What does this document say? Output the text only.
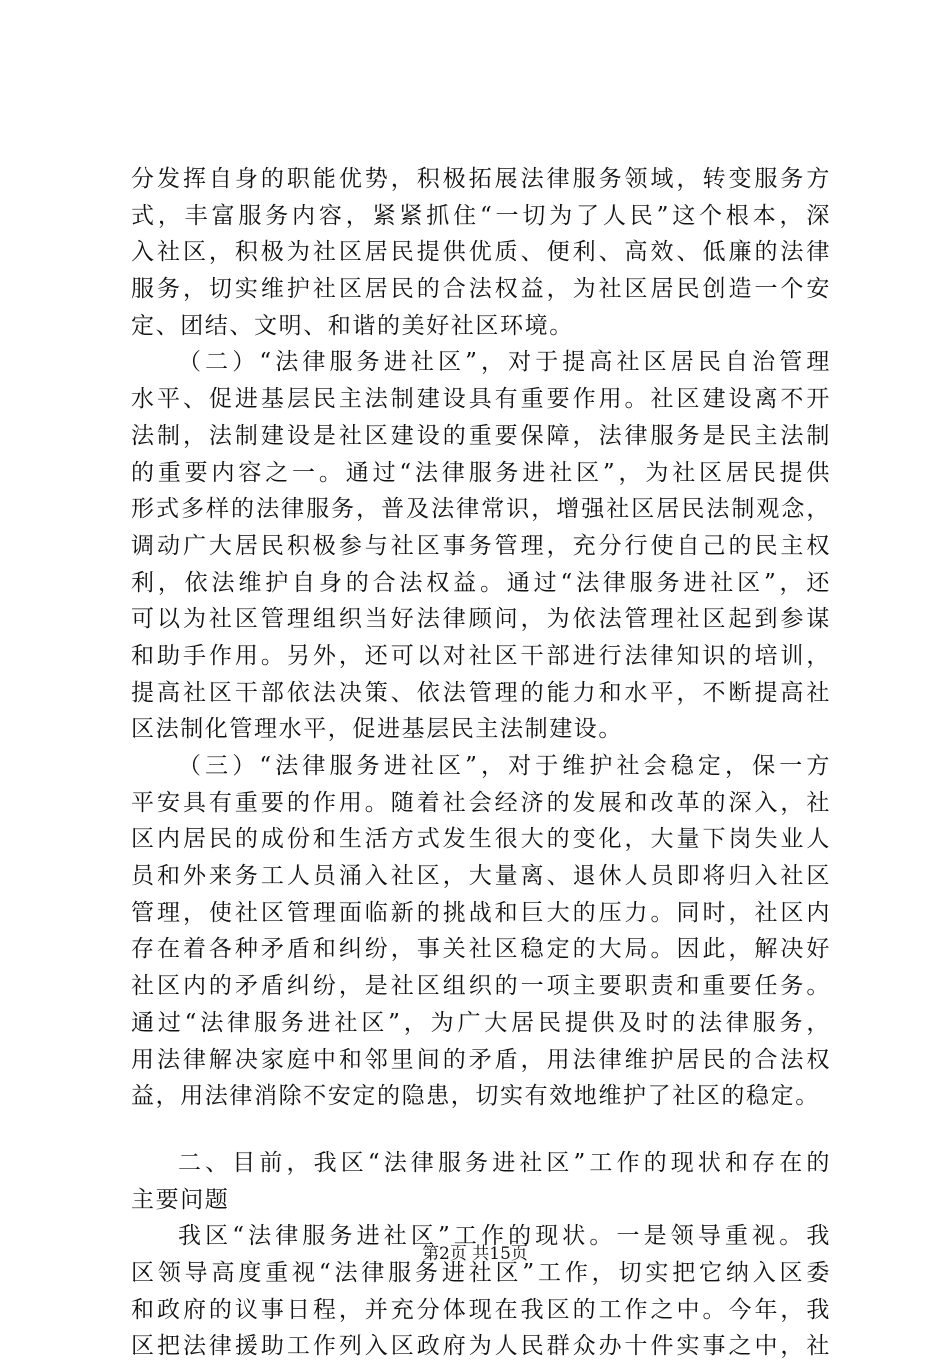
分发挥自身的职能优势，积极拓展法律服务领域，转变服务方
式，丰富服务内容，紧紧抓住“一切为了人民”这个根本，深
入社区，积极为社区居民提供优质、便利、高效、低廉的法律
服务，切实维护社区居民的合法权益，为社区居民创造一个安
定、团结、文明、和谐的美好社区环境。
（二）“法律服务进社区”，对于提高社区居民自治管理
水平、促进基层民主法制建设具有重要作用。社区建设离不开
法制，法制建设是社区建设的重要保障，法律服务是民主法制
的重要内容之一。通过“法律服务进社区”，为社区居民提供
形式多样的法律服务，普及法律常识，增强社区居民法制观念，
调动广大居民积极参与社区事务管理，充分行使自己的民主权
利，依法维护自身的合法权益。通过“法律服务进社区”，还
可以为社区管理组织当好法律顾问，为依法管理社区起到参谋
和助手作用。另外，还可以对社区干部进行法律知识的培训，
提高社区干部依法决策、依法管理的能力和水平，不断提高社
区法制化管理水平，促进基层民主法制建设。
（三）“法律服务进社区”，对于维护社会稳定，保一方
平安具有重要的作用。随着社会经济的发展和改革的深入，社
区内居民的成份和生活方式发生很大的变化，大量下岗失业人
员和外来务工人员涌入社区，大量离、退休人员即将归入社区
管理，使社区管理面临新的挑战和巨大的压力。同时，社区内
存在着各种矛盾和纠纷，事关社区稳定的大局。因此，解决好
社区内的矛盾纠纷，是社区组织的一项主要职责和重要任务。
通过“法律服务进社区”，为广大居民提供及时的法律服务，
用法律解决家庭中和邻里间的矛盾，用法律维护居民的合法权
益，用法律消除不安定的隐患，切实有效地维护了社区的稳定。
二、目前，我区“法律服务进社区”工作的现状和存在的
主要问题
我区“法律服务进社区”工作的现状。一是领导重视。我
区领导高度重视“法律服务进社区”工作，切实把它纳入区委
和政府的议事日程，并充分体现在我区的工作之中。今年，我
区把法律援助工作列入区政府为人民群众办十件实事之中，社
第2页 共15页
